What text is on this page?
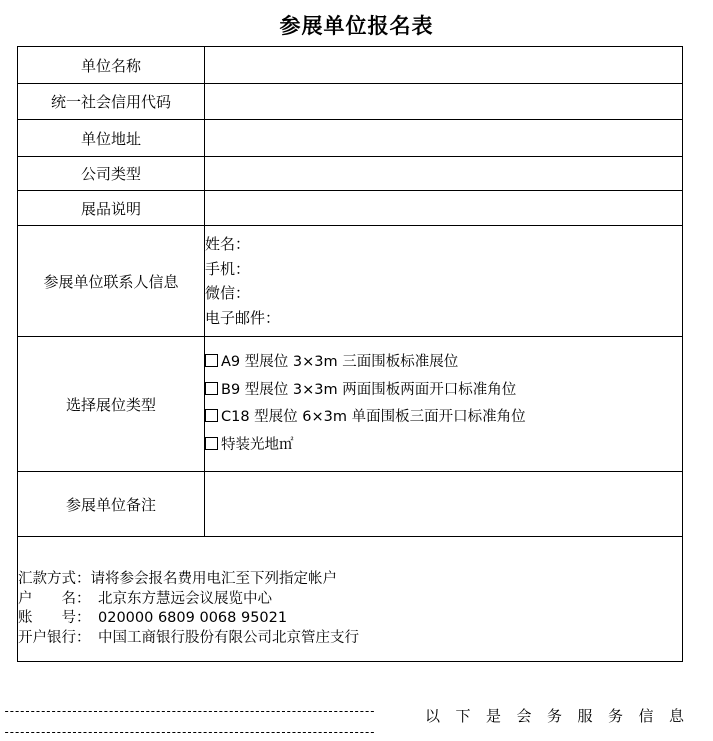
参展单位报名表
单位名称	
统一社会信用代码	
单位地址	
公司类型	
展品说明	
参展单位联系人信息	姓名：
手机：
微信：
电子邮件：

选择展位类型	A9 型展位 3×3m 三面围板标准展位
B9 型展位 3×3m 两面围板两面开口标准角位
C18 型展位 6×3m 单面围板三面开口标准角位
特装光地㎡

参展单位备注	

汇款方式：请将参会报名费用电汇至下列指定帐户
户　　名： 北京东方慧远会议展览中心
账　　号： 020000 6809 0068 95021
开户银行： 中国工商银行股份有限公司北京管庄支行	
-----------------------------------------------------------------------
-----------------------------------------------------------------------
以下是会务服务信息
